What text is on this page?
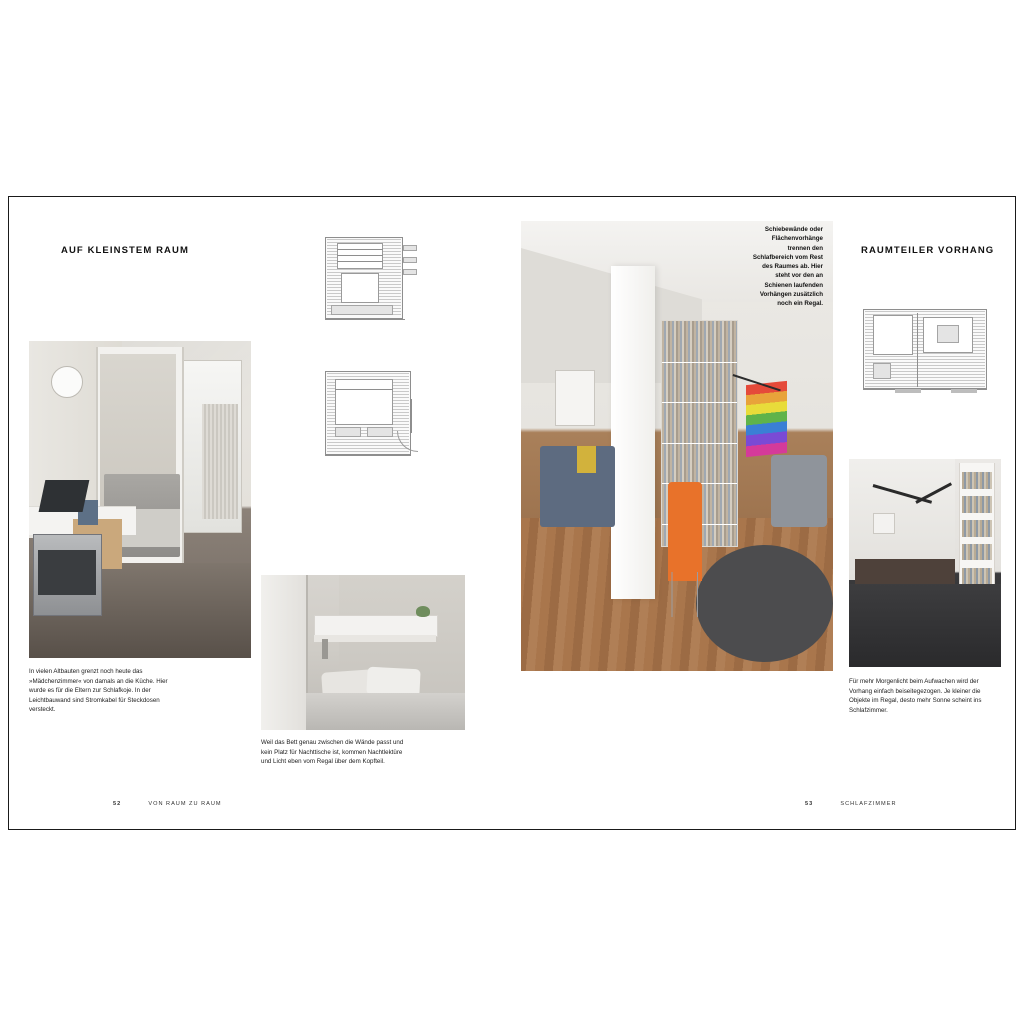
AUF KLEINSTEM RAUM
In vielen Altbauten grenzt noch heute das »Mädchenzimmer« von damals an die Küche. Hier wurde es für die Eltern zur Schlafkoje. In der Leichtbauwand sind Stromkabel für Steckdosen versteckt.
Weil das Bett genau zwischen die Wände passt und kein Platz für Nachttische ist, kommen Nachtlektüre und Licht eben vom Regal über dem Kopfteil.
52	VON RAUM ZU RAUM
RAUMTEILER VORHANG
Schiebewände oder Flächenvorhänge trennen den Schlafbereich vom Rest des Raumes ab. Hier steht vor den an Schienen laufenden Vorhängen zusätzlich noch ein Regal.
Für mehr Morgenlicht beim Aufwachen wird der Vorhang einfach beiseitegezogen. Je kleiner die Objekte im Regal, desto mehr Sonne scheint ins Schlafzimmer.
53	SCHLAFZIMMER
